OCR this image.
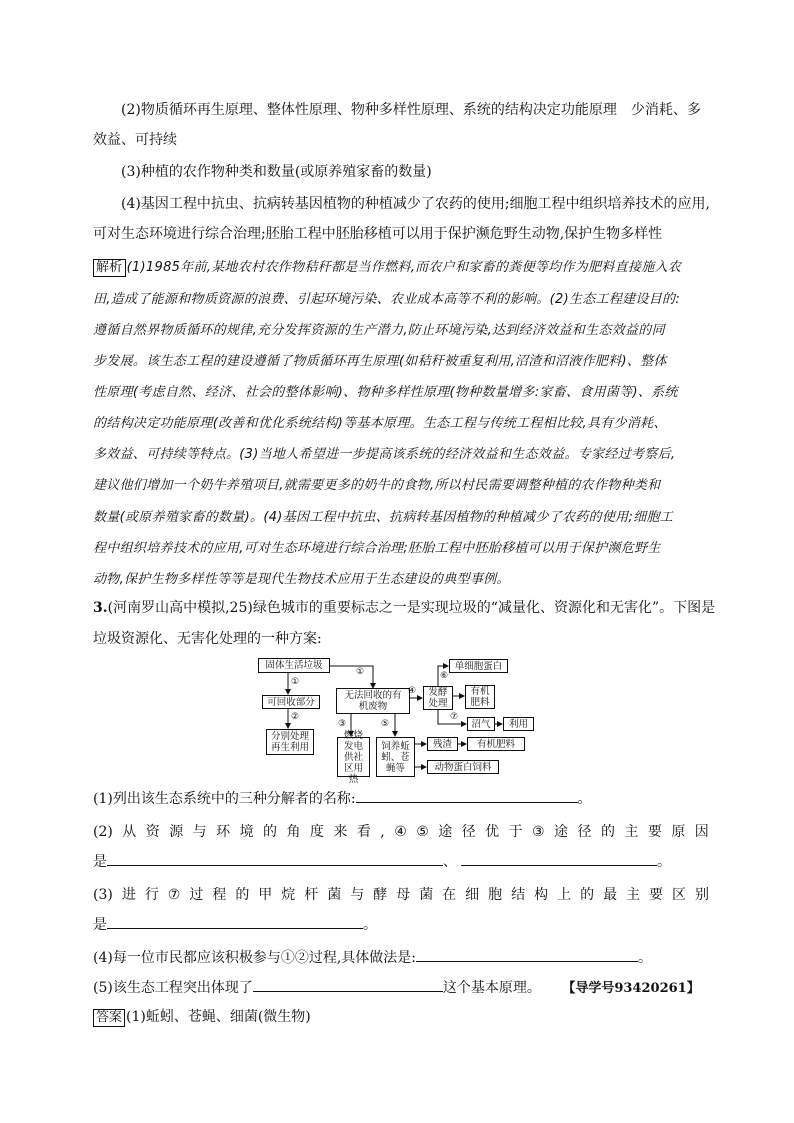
(2)物质循环再生原理、整体性原理、物种多样性原理、系统的结构决定功能原理　少消耗、多
效益、可持续
(3)种植的农作物种类和数量(或原养殖家畜的数量)
(4)基因工程中抗虫、抗病转基因植物的种植减少了农药的使用;细胞工程中组织培养技术的应用,
可对生态环境进行综合治理;胚胎工程中胚胎移植可以用于保护濒危野生动物,保护生物多样性
解析 (1)1985年前,某地农村农作物秸秆都是当作燃料,而农户和家畜的粪便等均作为肥料直接施入农
田,造成了能源和物质资源的浪费、引起环境污染、农业成本高等不利的影响。(2)生态工程建设目的:
遵循自然界物质循环的规律,充分发挥资源的生产潜力,防止环境污染,达到经济效益和生态效益的同
步发展。该生态工程的建设遵循了物质循环再生原理(如秸秆被重复利用,沼渣和沼液作肥料)、整体
性原理(考虑自然、经济、社会的整体影响)、物种多样性原理(物种数量增多:家畜、食用菌等)、系统
的结构决定功能原理(改善和优化系统结构)等基本原理。生态工程与传统工程相比较,具有少消耗、
多效益、可持续等特点。(3)当地人希望进一步提高该系统的经济效益和生态效益。专家经过考察后,
建议他们增加一个奶牛养殖项目,就需要更多的奶牛的食物,所以村民需要调整种植的农作物种类和
数量(或原养殖家畜的数量)。(4)基因工程中抗虫、抗病转基因植物的种植减少了农药的使用;细胞工
程中组织培养技术的应用,可对生态环境进行综合治理;胚胎工程中胚胎移植可以用于保护濒危野生
动物,保护生物多样性等等是现代生物技术应用于生态建设的典型事例。
3.(河南罗山高中模拟,25)绿色城市的重要标志之一是实现垃圾的“减量化、资源化和无害化”。下图是
垃圾资源化、无害化处理的一种方案:
固体生活垃圾
可回收部分
分别处理再生利用
无法回收的有机废物
燃烧发电供社区用热
饲养蚯蚓、苍蝇等
发酵处理
单细胞蛋白
有机肥料
沼气	利用
残渣	有机肥料
动物蛋白饲料
①
①
②
③
④
⑤
⑥
⑦
(1)列出该生态系统中的三种分解者的名称:	。
(2) 从 资 源 与 环 境 的 角 度 来 看 , ④ ⑤ 途 径 优 于 ③ 途 径 的 主 要 原 因
是	、	。
(3) 进 行 ⑦ 过 程 的 甲 烷 杆 菌 与 酵 母 菌 在 细 胞 结 构 上 的 最 主 要 区 别
是	。
(4)每一位市民都应该积极参与①②过程,具体做法是:	。
(5)该生态工程突出体现了	这个基本原理。 【导学号93420261】
答案 (1)蚯蚓、苍蝇、细菌(微生物)
